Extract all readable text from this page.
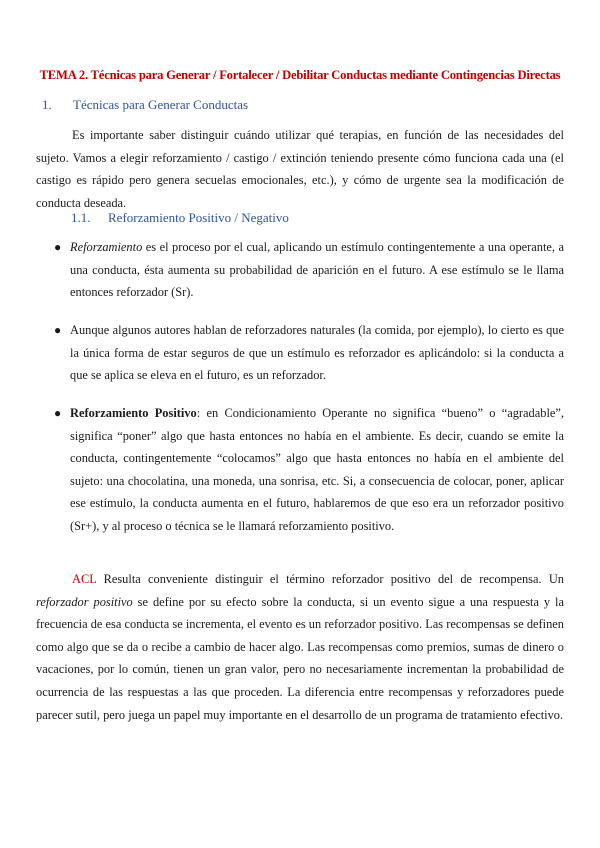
TEMA 2. Técnicas para Generar / Fortalecer / Debilitar Conductas mediante Contingencias Directas
1. Técnicas para Generar Conductas
Es importante saber distinguir cuándo utilizar qué terapias, en función de las necesidades del sujeto. Vamos a elegir reforzamiento / castigo / extinción teniendo presente cómo funciona cada una (el castigo es rápido pero genera secuelas emocionales, etc.), y cómo de urgente sea la modificación de conducta deseada.
1.1. Reforzamiento Positivo / Negativo
● Reforzamiento es el proceso por el cual, aplicando un estímulo contingentemente a una operante, a una conducta, ésta aumenta su probabilidad de aparición en el futuro. A ese estímulo se le llama entonces reforzador (Sr).
● Aunque algunos autores hablan de reforzadores naturales (la comida, por ejemplo), lo cierto es que la única forma de estar seguros de que un estímulo es reforzador es aplicándolo: si la conducta a que se aplica se eleva en el futuro, es un reforzador.
● Reforzamiento Positivo: en Condicionamiento Operante no significa “bueno” o “agradable”, significa “poner” algo que hasta entonces no había en el ambiente. Es decir, cuando se emite la conducta, contingentemente “colocamos” algo que hasta entonces no había en el ambiente del sujeto: una chocolatina, una moneda, una sonrisa, etc. Si, a consecuencia de colocar, poner, aplicar ese estímulo, la conducta aumenta en el futuro, hablaremos de que eso era un reforzador positivo (Sr+), y al proceso o técnica se le llamará reforzamiento positivo.
ACL Resulta conveniente distinguir el término reforzador positivo del de recompensa. Un reforzador positivo se define por su efecto sobre la conducta, si un evento sigue a una respuesta y la frecuencia de esa conducta se incrementa, el evento es un reforzador positivo. Las recompensas se definen como algo que se da o recibe a cambio de hacer algo. Las recompensas como premios, sumas de dinero o vacaciones, por lo común, tienen un gran valor, pero no necesariamente incrementan la probabilidad de ocurrencia de las respuestas a las que proceden. La diferencia entre recompensas y reforzadores puede parecer sutil, pero juega un papel muy importante en el desarrollo de un programa de tratamiento efectivo.
